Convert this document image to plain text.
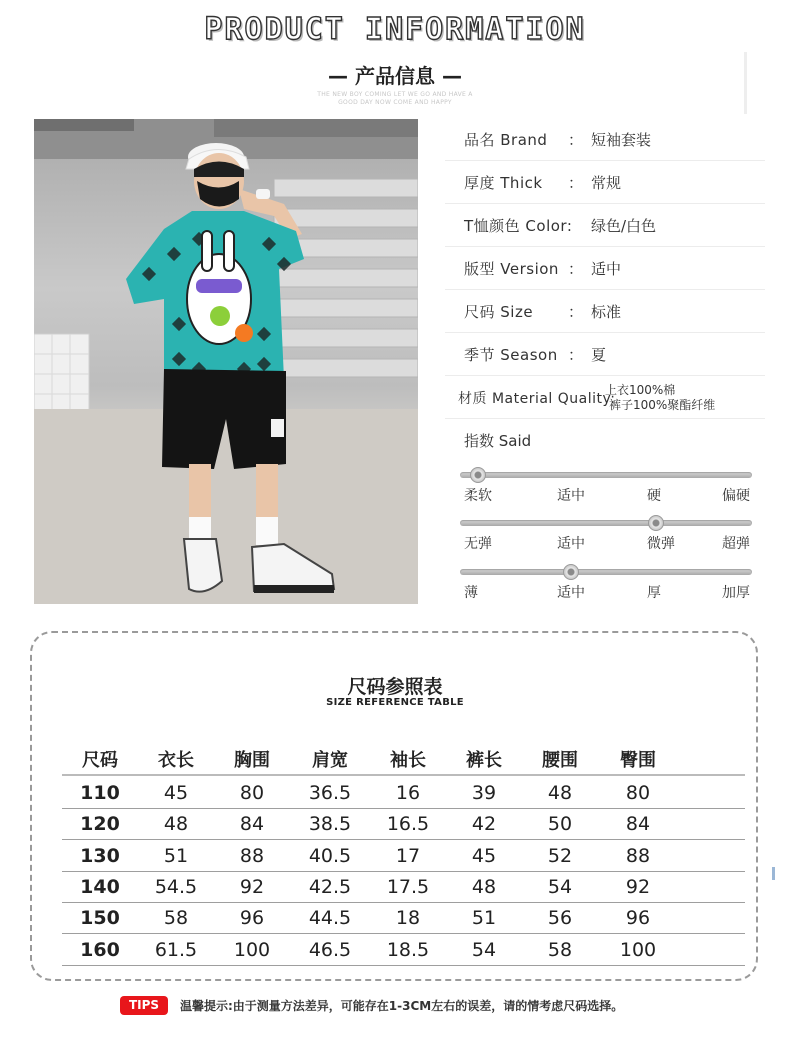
PRODUCT INFORMATION
— 产品信息 —
THE NEW BOY COMING LET WE GO AND HAVE A
GOOD DAY NOW COME AND HAPPY
品名 Brand ： 短袖套装
厚度 Thick ： 常规
T恤颜色 Color: 绿色/白色
版型 Version ： 适中
尺码 Size ： 标准
季节 Season ： 夏
材质 Material Quality:
上衣100%棉
裤子100%聚酯纤维
指数 Said
柔软	适中	硬	偏硬
无弹	适中	微弹	超弹
薄	适中	厚	加厚
尺码参照表
SIZE REFERENCE TABLE
尺码	衣长	胸围	肩宽	袖长	裤长	腰围	臀围
110	45	80	36.5	16	39	48	80
120	48	84	38.5	16.5	42	50	84
130	51	88	40.5	17	45	52	88
140	54.5	92	42.5	17.5	48	54	92
150	58	96	44.5	18	51	56	96
160	61.5	100	46.5	18.5	54	58	100
TIPS	温馨提示:由于测量方法差异，可能存在1-3CM左右的误差，请的情考虑尺码选择。
